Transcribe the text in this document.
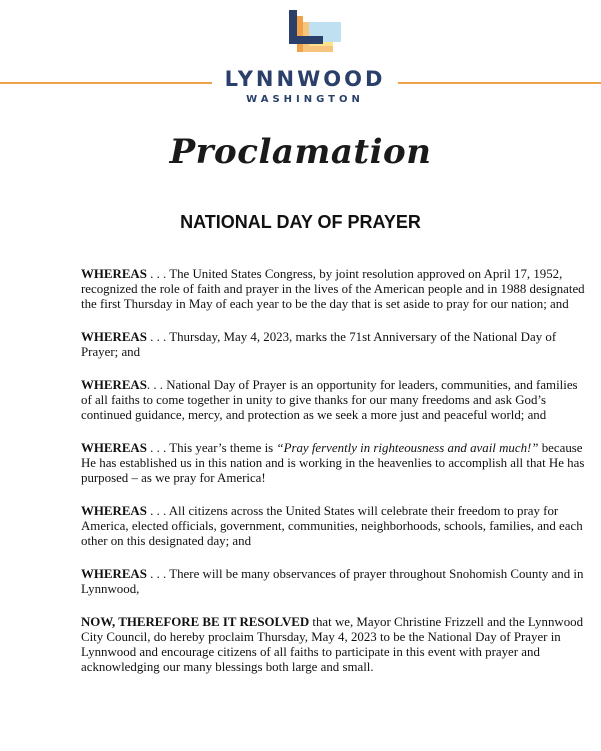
LYNNWOOD
WASHINGTON
Proclamation
NATIONAL DAY OF PRAYER

WHEREAS . . . The United States Congress, by joint resolution approved on April 17, 1952, recognized the role of faith and prayer in the lives of the American people and in 1988 designated the first Thursday in May of each year to be the day that is set aside to pray for our nation; and

WHEREAS . . . Thursday, May 4, 2023, marks the 71st Anniversary of the National Day of Prayer; and

WHEREAS. . . National Day of Prayer is an opportunity for leaders, communities, and families of all faiths to come together in unity to give thanks for our many freedoms and ask God’s continued guidance, mercy, and protection as we seek a more just and peaceful world; and

WHEREAS . . . This year’s theme is “Pray fervently in righteousness and avail much!” because He has established us in this nation and is working in the heavenlies to accomplish all that He has purposed – as we pray for America!

WHEREAS . . . All citizens across the United States will celebrate their freedom to pray for America, elected officials, government, communities, neighborhoods, schools, families, and each other on this designated day; and

WHEREAS . . . There will be many observances of prayer throughout Snohomish County and in Lynnwood,

NOW, THEREFORE BE IT RESOLVED that we, Mayor Christine Frizzell and the Lynnwood City Council, do hereby proclaim Thursday, May 4, 2023 to be the National Day of Prayer in Lynnwood and encourage citizens of all faiths to participate in this event with prayer and acknowledging our many blessings both large and small.
